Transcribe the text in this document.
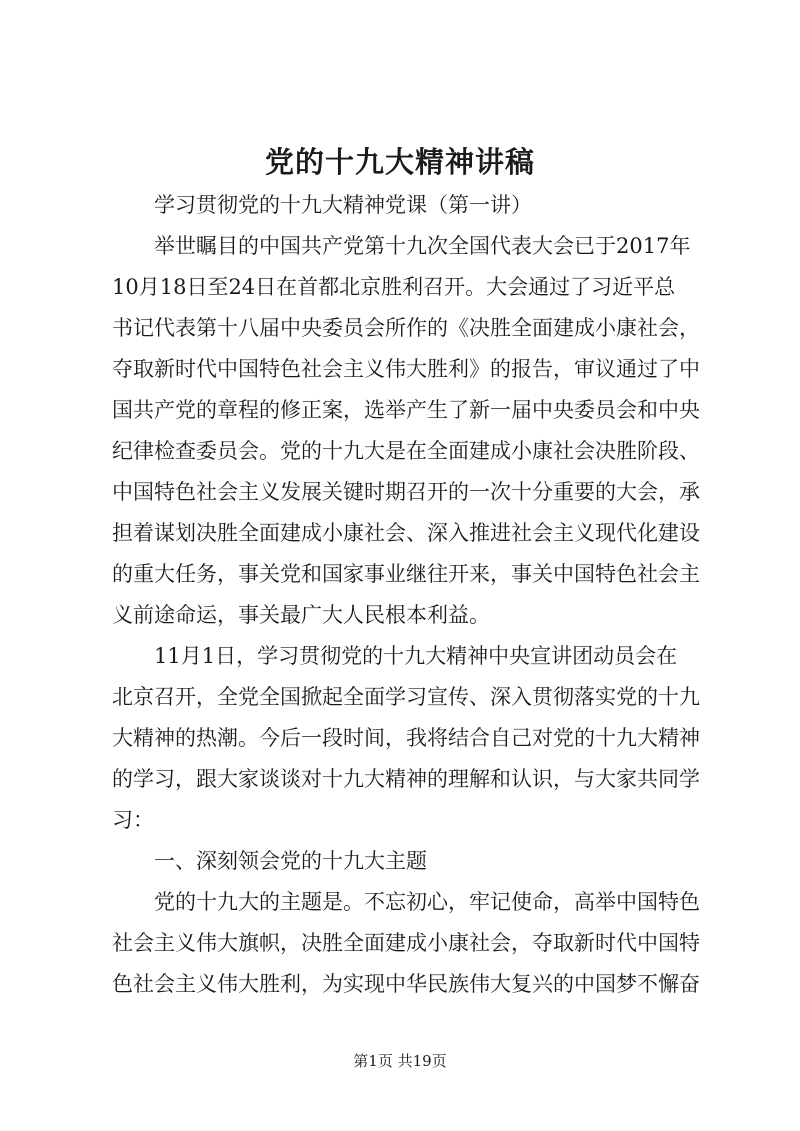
党的十九大精神讲稿

学习贯彻党的十九大精神党课（第一讲）

举世瞩目的中国共产党第十九次全国代表大会已于2017年

10月18日至24日在首都北京胜利召开。大会通过了习近平总

书记代表第十八届中央委员会所作的《决胜全面建成小康社会，

夺取新时代中国特色社会主义伟大胜利》的报告，审议通过了中

国共产党的章程的修正案，选举产生了新一届中央委员会和中央

纪律检查委员会。党的十九大是在全面建成小康社会决胜阶段、

中国特色社会主义发展关键时期召开的一次十分重要的大会，承

担着谋划决胜全面建成小康社会、深入推进社会主义现代化建设

的重大任务，事关党和国家事业继往开来，事关中国特色社会主

义前途命运，事关最广大人民根本利益。

11月1日，学习贯彻党的十九大精神中央宣讲团动员会在

北京召开，全党全国掀起全面学习宣传、深入贯彻落实党的十九

大精神的热潮。今后一段时间，我将结合自己对党的十九大精神

的学习，跟大家谈谈对十九大精神的理解和认识，与大家共同学

习：

一、深刻领会党的十九大主题

党的十九大的主题是。不忘初心，牢记使命，高举中国特色

社会主义伟大旗帜，决胜全面建成小康社会，夺取新时代中国特

色社会主义伟大胜利，为实现中华民族伟大复兴的中国梦不懈奋

第1页 共19页
